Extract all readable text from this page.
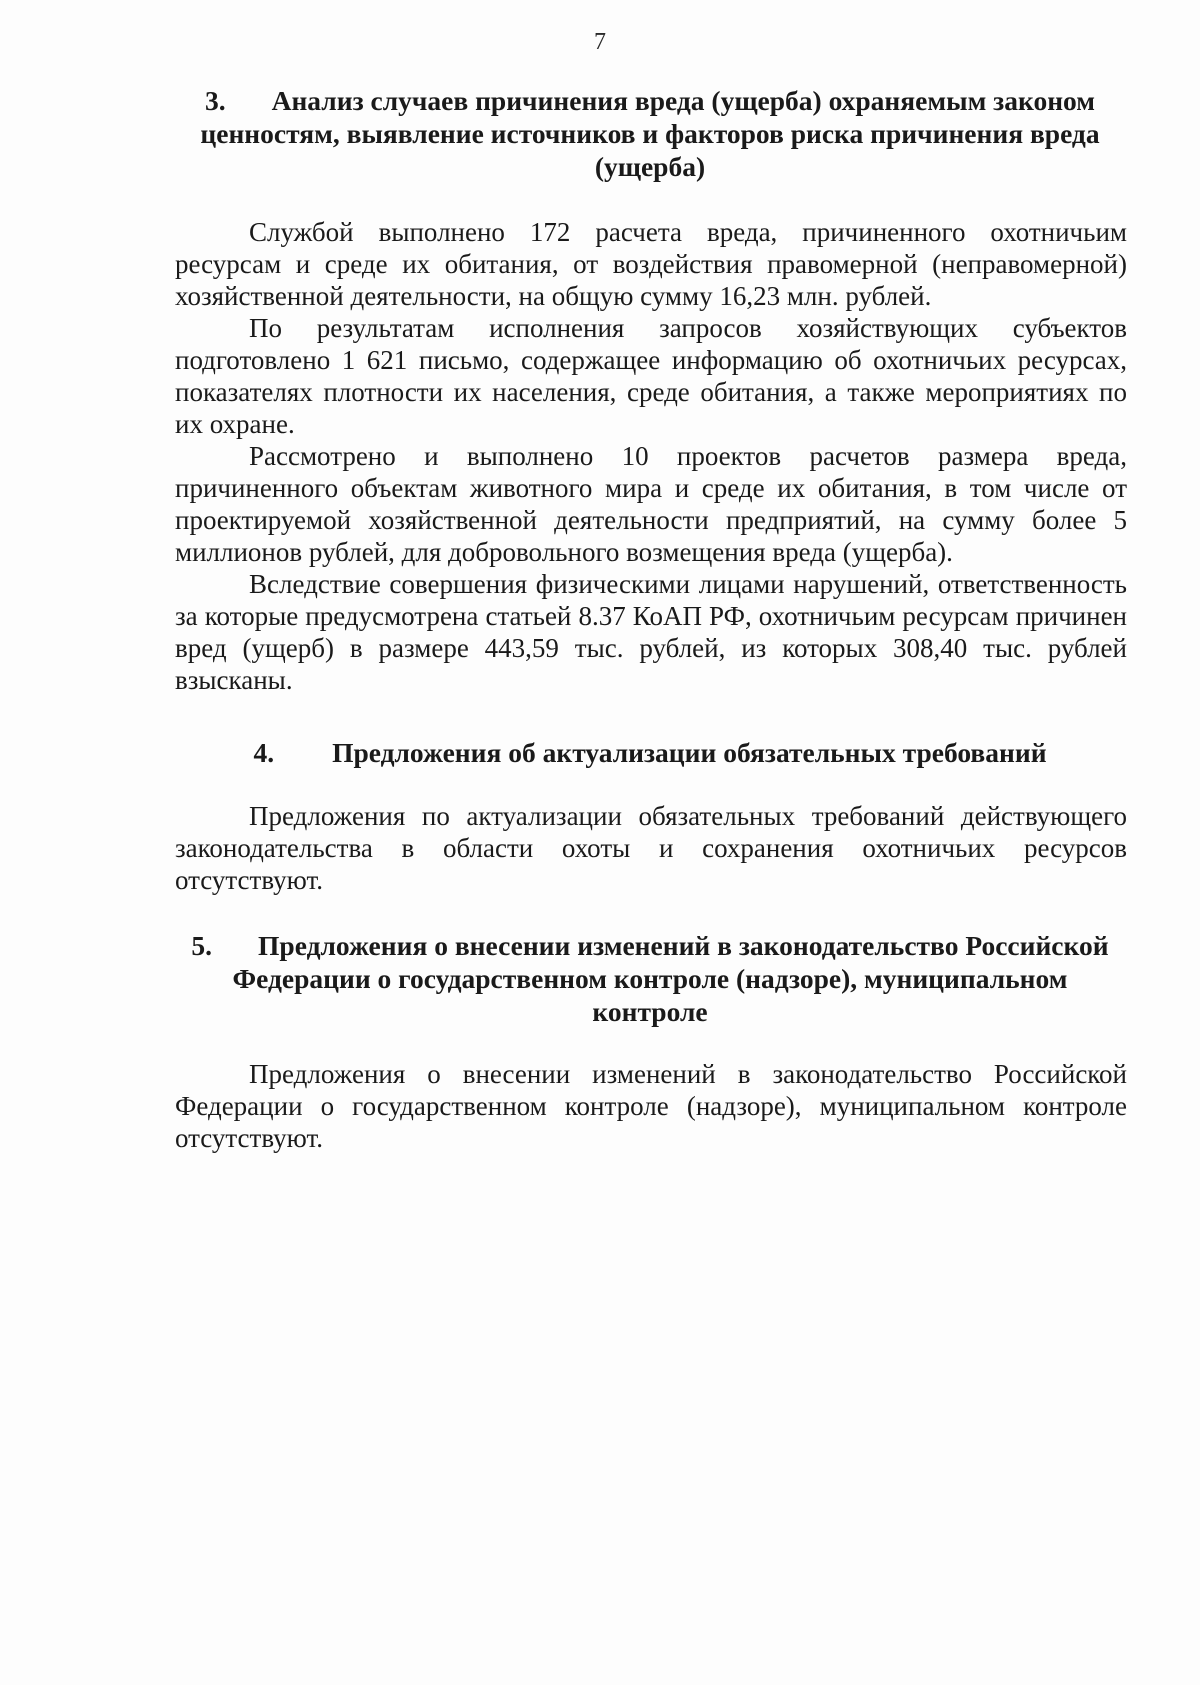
7
3. Анализ случаев причинения вреда (ущерба) охраняемым законом ценностям, выявление источников и факторов риска причинения вреда (ущерба)

Службой выполнено 172 расчета вреда, причиненного охотничьим ресурсам и среде их обитания, от воздействия правомерной (неправомерной) хозяйственной деятельности, на общую сумму 16,23 млн. рублей.

По результатам исполнения запросов хозяйствующих субъектов подготовлено 1 621 письмо, содержащее информацию об охотничьих ресурсах, показателях плотности их населения, среде обитания, а также мероприятиях по их охране.

Рассмотрено и выполнено 10 проектов расчетов размера вреда, причиненного объектам животного мира и среде их обитания, в том числе от проектируемой хозяйственной деятельности предприятий, на сумму более 5 миллионов рублей, для добровольного возмещения вреда (ущерба).

Вследствие совершения физическими лицами нарушений, ответственность за которые предусмотрена статьей 8.37 КоАП РФ, охотничьим ресурсам причинен вред (ущерб) в размере 443,59 тыс. рублей, из которых 308,40 тыс. рублей взысканы.

4. Предложения об актуализации обязательных требований

Предложения по актуализации обязательных требований действующего законодательства в области охоты и сохранения охотничьих ресурсов отсутствуют.

5. Предложения о внесении изменений в законодательство Российской Федерации о государственном контроле (надзоре), муниципальном контроле

Предложения о внесении изменений в законодательство Российской Федерации о государственном контроле (надзоре), муниципальном контроле отсутствуют.
